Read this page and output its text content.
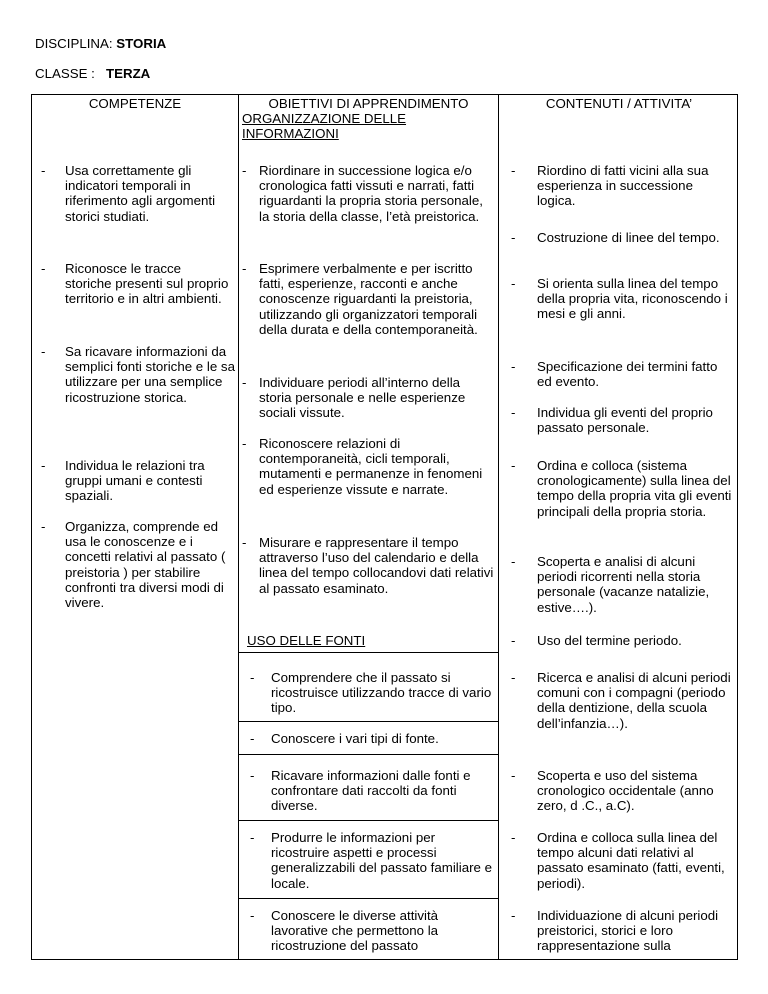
DISCIPLINA: STORIA
CLASSE : TERZA
COMPETENZE	OBIETTIVI DI APPRENDIMENTO	CONTENUTI / ATTIVITA’
- Usa correttamente gli indicatori temporali in riferimento agli argomenti storici studiati.
- Riconosce le tracce storiche presenti sul proprio territorio e in altri ambienti.
- Sa ricavare informazioni da semplici fonti storiche e le sa utilizzare per una semplice ricostruzione storica.
- Individua le relazioni tra gruppi umani e contesti spaziali.
- Organizza, comprende ed usa le conoscenze e i concetti relativi al passato ( preistoria ) per stabilire confronti tra diversi modi di vivere.
ORGANIZZAZIONE DELLE INFORMAZIONI
- Riordinare in successione logica e/o cronologica fatti vissuti e narrati, fatti riguardanti la propria storia personale, la storia della classe, l’età preistorica.
- Esprimere verbalmente e per iscritto fatti, esperienze, racconti e anche conoscenze riguardanti la preistoria, utilizzando gli organizzatori temporali della durata e della contemporaneità.
- Individuare periodi all’interno della storia personale e nelle esperienze sociali vissute.
- Riconoscere relazioni di contemporaneità, cicli temporali, mutamenti e permanenze in fenomeni ed esperienze vissute e narrate.
- Misurare e rappresentare il tempo attraverso l’uso del calendario e della linea del tempo collocandovi dati relativi al passato esaminato.
USO DELLE FONTI
- Comprendere che il passato si ricostruisce utilizzando tracce di vario tipo.
- Conoscere i vari tipi di fonte.
- Ricavare informazioni dalle fonti e confrontare dati raccolti da fonti diverse.
- Produrre le informazioni per ricostruire aspetti e processi generalizzabili del passato familiare e locale.
- Conoscere le diverse attività lavorative che permettono la ricostruzione del passato
- Riordino di fatti vicini alla sua esperienza in successione logica.
- Costruzione di linee del tempo.
- Si orienta sulla linea del tempo della propria vita, riconoscendo i mesi e gli anni.
- Specificazione dei termini fatto ed evento.
- Individua gli eventi del proprio passato personale.
- Ordina e colloca (sistema cronologicamente) sulla linea del tempo della propria vita gli eventi principali della propria storia.
- Scoperta e analisi di alcuni periodi ricorrenti nella storia personale (vacanze natalizie, estive….).
- Uso del termine periodo.
- Ricerca e analisi di alcuni periodi comuni con i compagni (periodo della dentizione, della scuola dell’infanzia…).
- Scoperta e uso del sistema cronologico occidentale (anno zero, d .C., a.C).
- Ordina e colloca sulla linea del tempo alcuni dati relativi al passato esaminato (fatti, eventi, periodi).
- Individuazione di alcuni periodi preistorici, storici e loro rappresentazione sulla
